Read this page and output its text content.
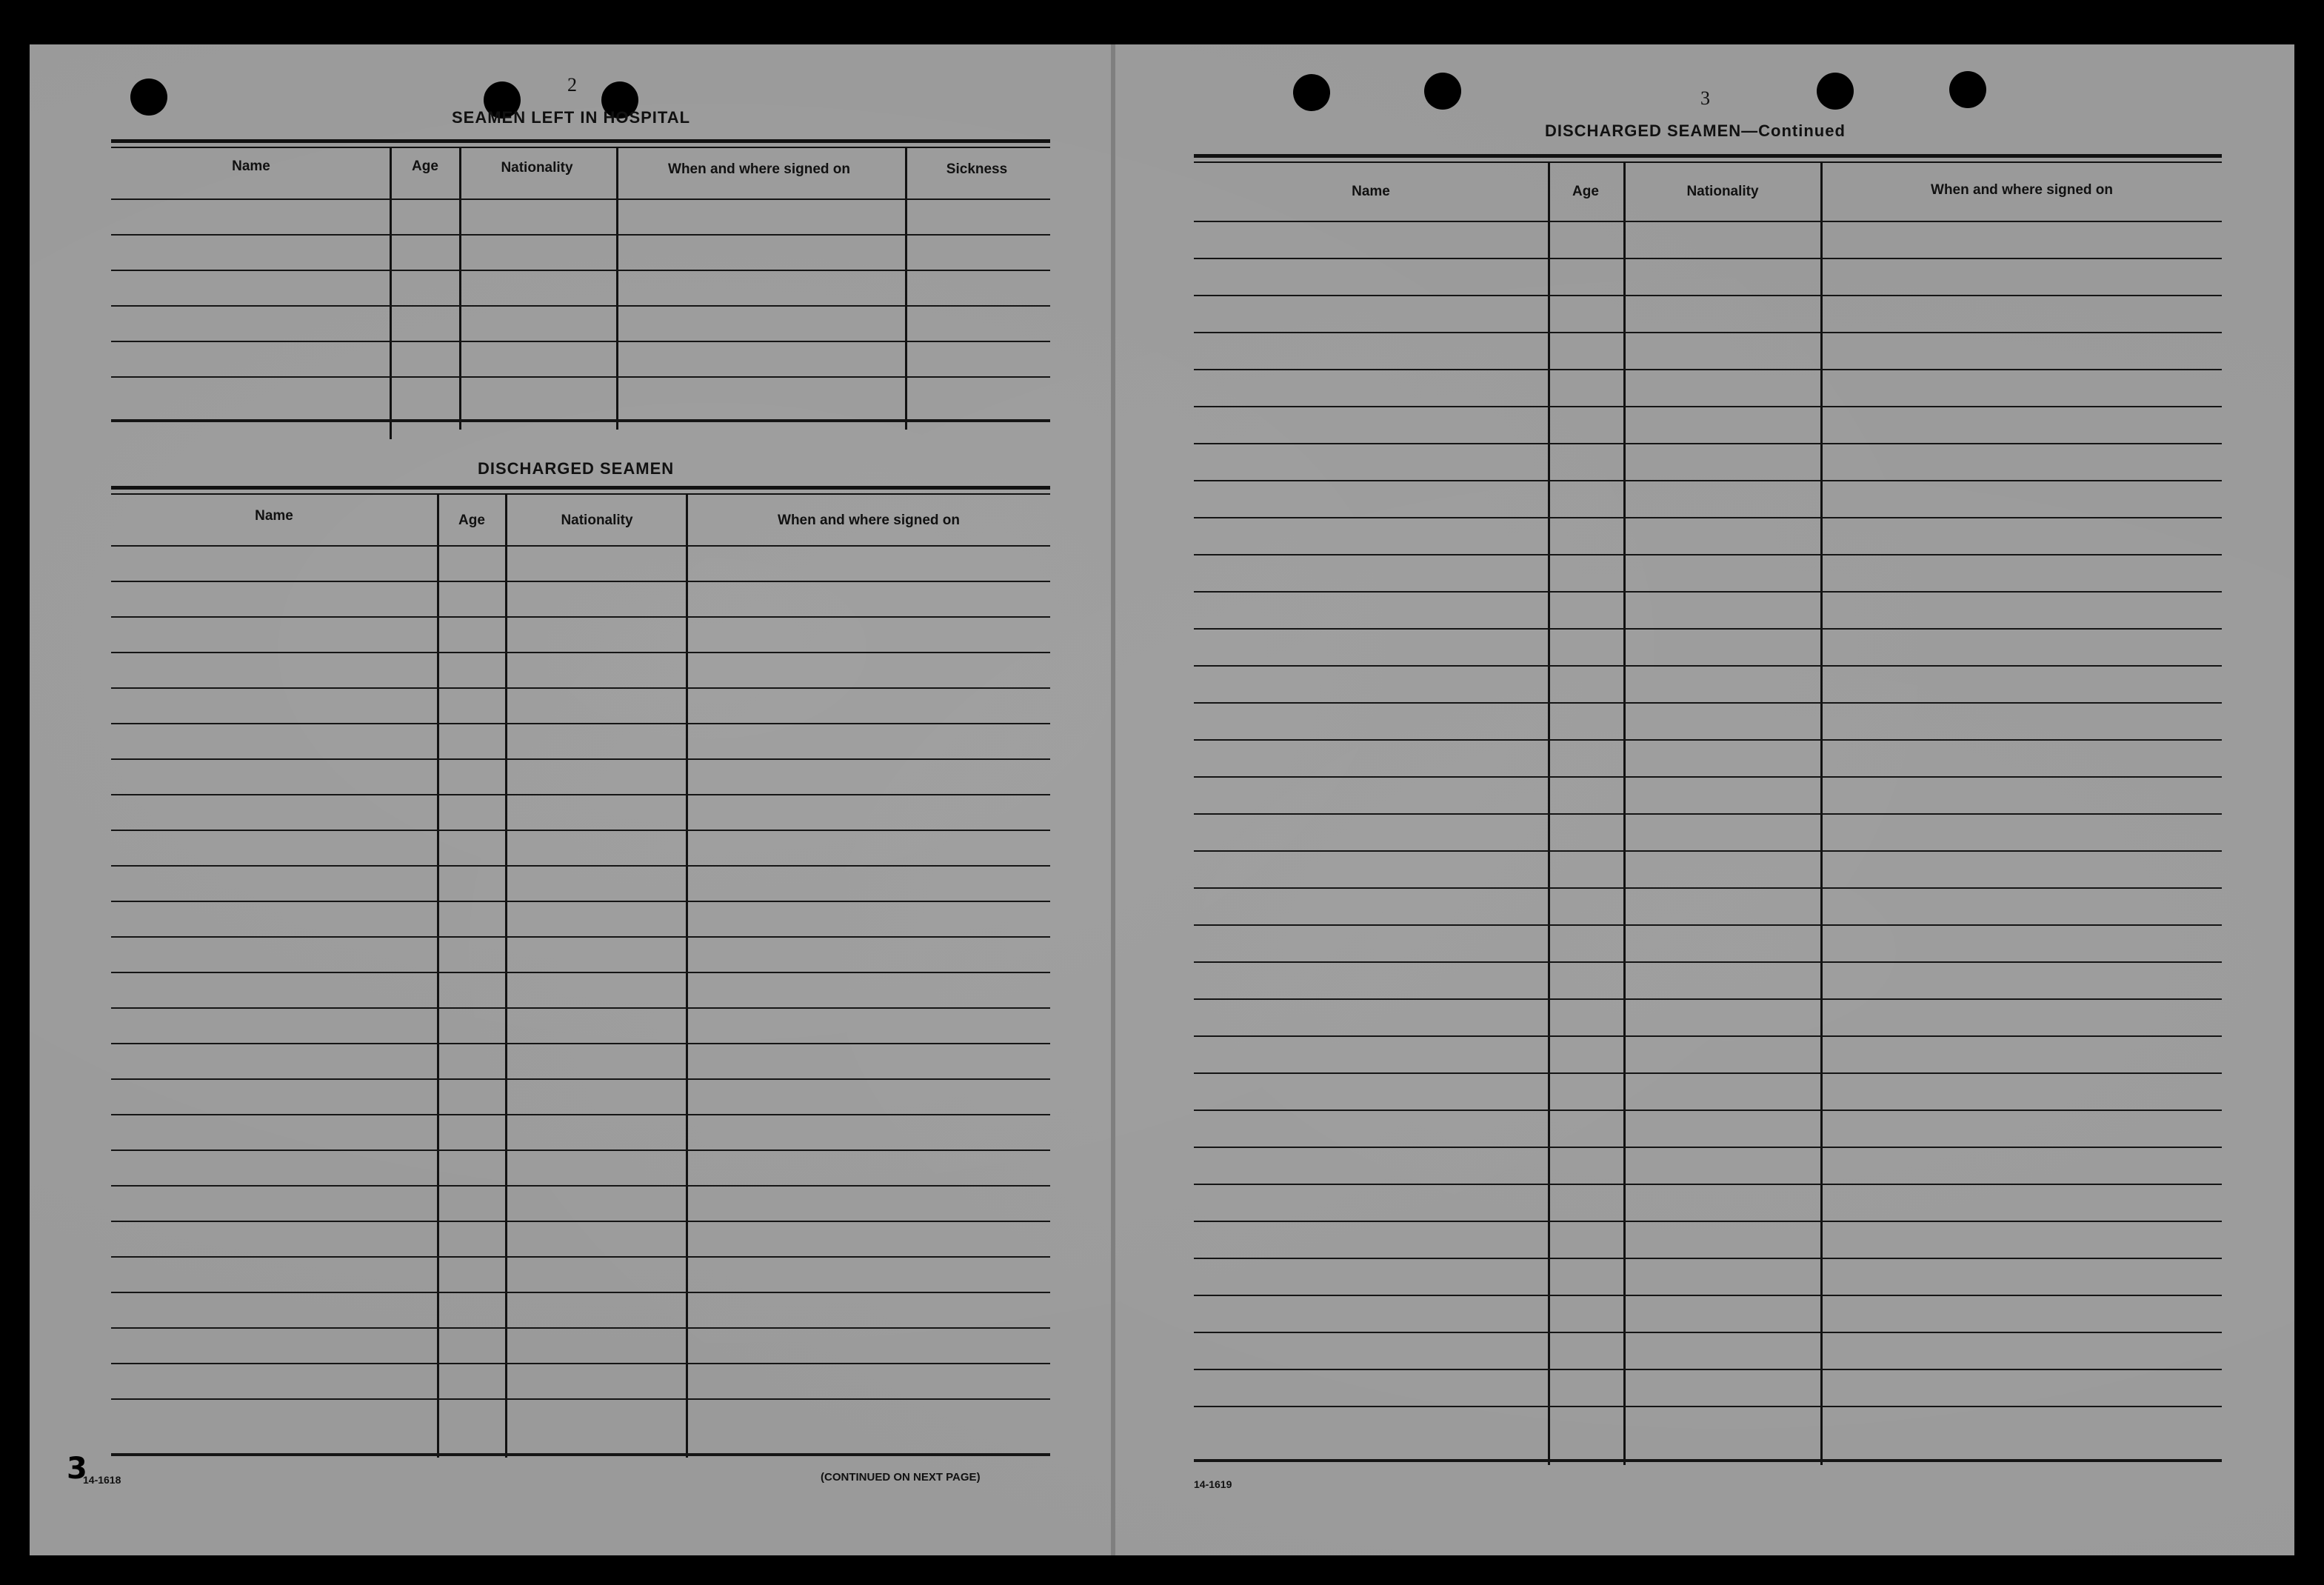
2
SEAMEN LEFT IN HOSPITAL
Name	Age	Nationality	When and where signed on	Sickness
DISCHARGED SEAMEN
Name	Age	Nationality	When and where signed on
14-1618	(CONTINUED ON NEXT PAGE)
3
3
DISCHARGED SEAMEN—Continued
Name	Age	Nationality	When and where signed on
14-1619
